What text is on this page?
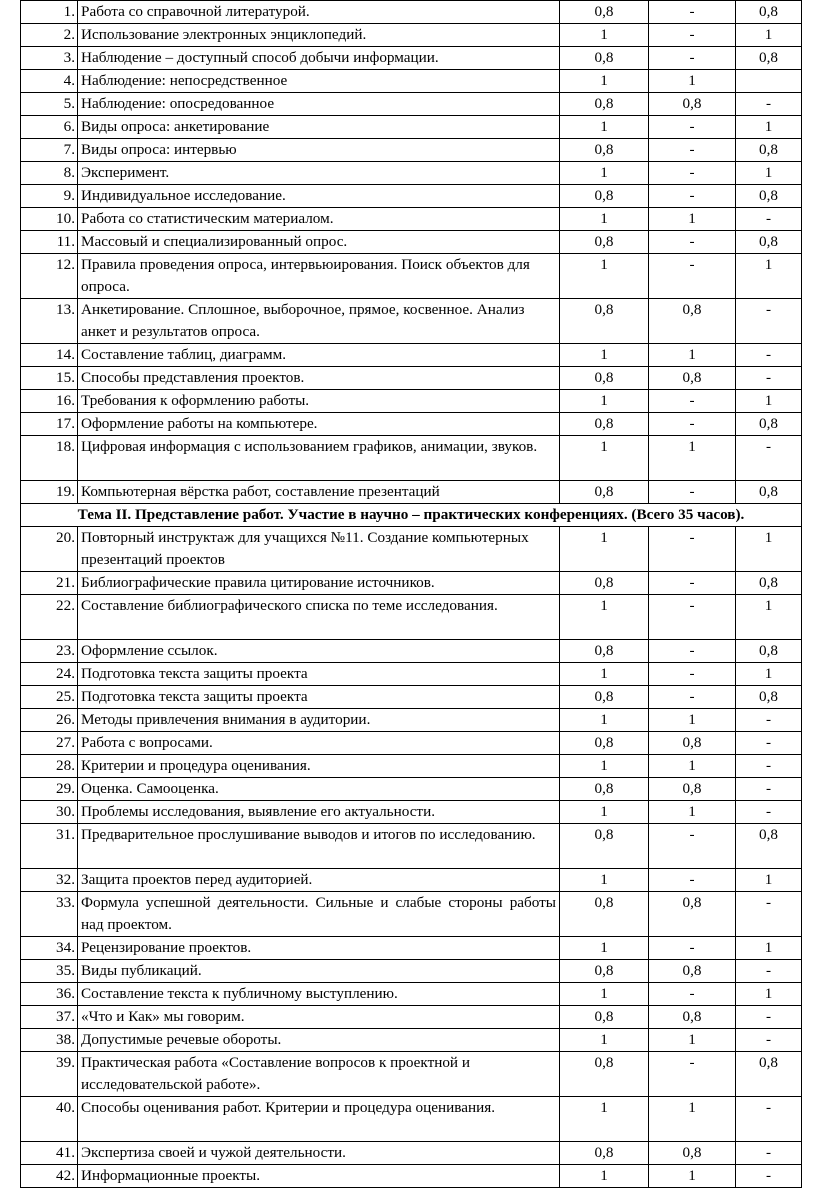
1.	Работа со справочной литературой.	0,8	-	0,8
2.	Использование электронных энциклопедий.	1	-	1
3.	Наблюдение – доступный способ добычи информации.	0,8	-	0,8
4.	Наблюдение: непосредственное	1	1	
5.	Наблюдение: опосредованное	0,8	0,8	-
6.	Виды опроса: анкетирование	1	-	1
7.	Виды опроса: интервью	0,8	-	0,8
8.	Эксперимент.	1	-	1
9.	Индивидуальное исследование.	0,8	-	0,8
10.	Работа со статистическим материалом.	1	1	-
11.	Массовый и специализированный опрос.	0,8	-	0,8
12.	Правила проведения опроса, интервьюирования. Поиск объектов для опроса.	1	-	1
13.	Анкетирование. Сплошное, выборочное, прямое, косвенное. Анализ анкет и результатов опроса.	0,8	0,8	-
14.	Составление таблиц, диаграмм.	1	1	-
15.	Способы представления проектов.	0,8	0,8	-
16.	Требования к оформлению работы.	1	-	1
17.	Оформление работы на компьютере.	0,8	-	0,8
18.	Цифровая информация с использованием графиков, анимации, звуков.	1	1	-
19.	Компьютерная вёрстка работ, составление презентаций	0,8	-	0,8
Тема II. Представление работ. Участие в научно – практических конференциях. (Всего 35 часов).				
20.	Повторный инструктаж для учащихся №11. Создание компьютерных презентаций проектов	1	-	1
21.	Библиографические правила цитирование источников.	0,8	-	0,8
22.	Составление библиографического списка по теме исследования.	1	-	1
23.	Оформление ссылок.	0,8	-	0,8
24.	Подготовка текста защиты проекта	1	-	1
25.	Подготовка текста защиты проекта	0,8	-	0,8
26.	Методы привлечения внимания в аудитории.	1	1	-
27.	Работа с вопросами.	0,8	0,8	-
28.	Критерии и процедура оценивания.	1	1	-
29.	Оценка. Самооценка.	0,8	0,8	-
30.	Проблемы исследования, выявление его актуальности.	1	1	-
31.	Предварительное прослушивание выводов и итогов по исследованию.	0,8	-	0,8
32.	Защита проектов перед аудиторией.	1	-	1
33.	Формула успешной деятельности. Сильные и слабые стороны работы над проектом.	0,8	0,8	-
34.	Рецензирование проектов.	1	-	1
35.	Виды публикаций.	0,8	0,8	-
36.	Составление текста к публичному выступлению.	1	-	1
37.	«Что и Как» мы говорим.	0,8	0,8	-
38.	Допустимые речевые обороты.	1	1	-
39.	Практическая работа «Составление вопросов к проектной и исследовательской работе».	0,8	-	0,8
40.	Способы оценивания работ. Критерии и процедура оценивания.	1	1	-
41.	Экспертиза своей и чужой деятельности.	0,8	0,8	-
42.	Информационные проекты.	1	1	-
